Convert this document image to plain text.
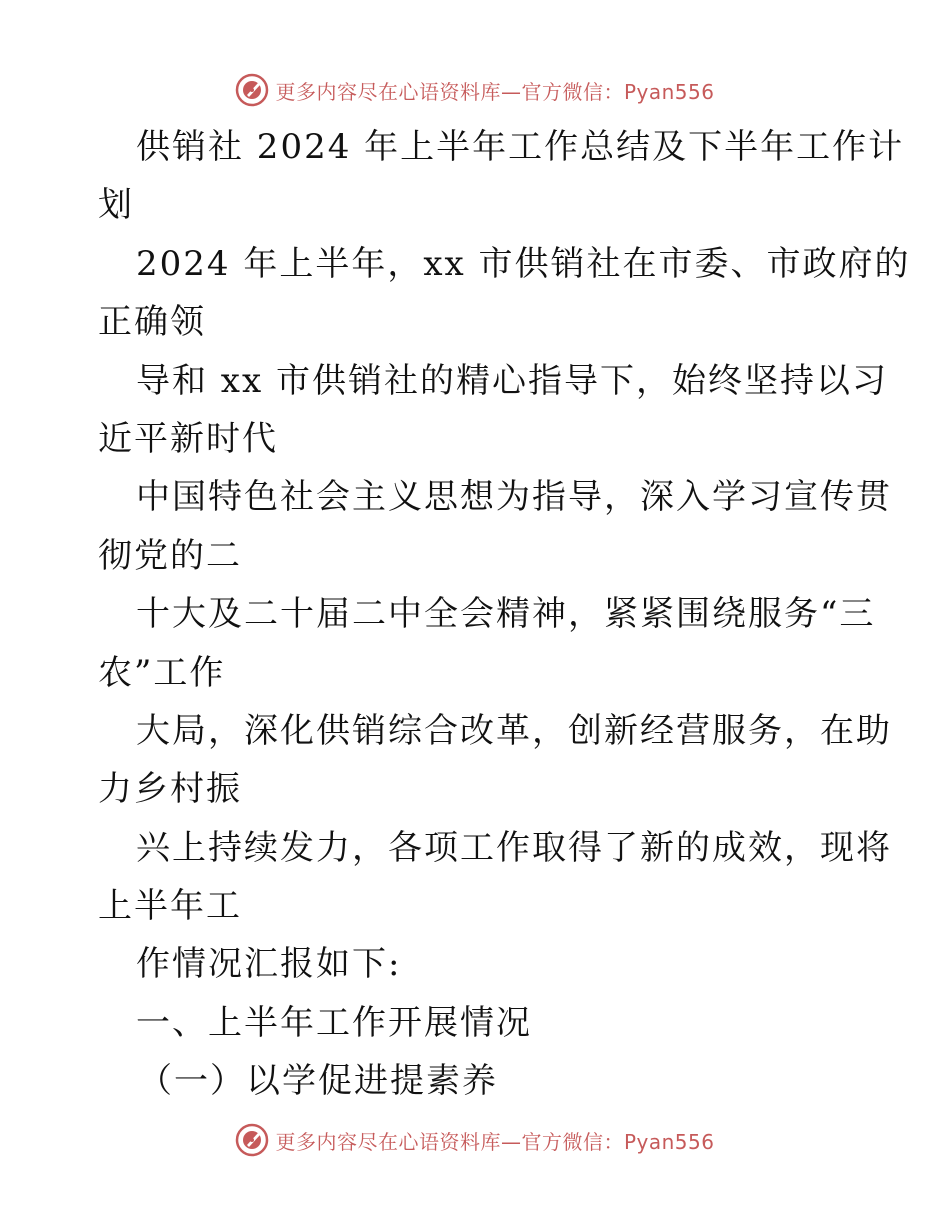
更多内容尽在心语资料库—官方微信：Pyan556
供销社 2024 年上半年工作总结及下半年工作计
划
2024 年上半年，xx 市供销社在市委、市政府的
正确领
导和 xx 市供销社的精心指导下，始终坚持以习
近平新时代
中国特色社会主义思想为指导，深入学习宣传贯
彻党的二
十大及二十届二中全会精神，紧紧围绕服务“三
农”工作
大局，深化供销综合改革，创新经营服务，在助
力乡村振
兴上持续发力，各项工作取得了新的成效，现将
上半年工
作情况汇报如下:
一、上半年工作开展情况
（一）以学促进提素养
更多内容尽在心语资料库—官方微信：Pyan556
